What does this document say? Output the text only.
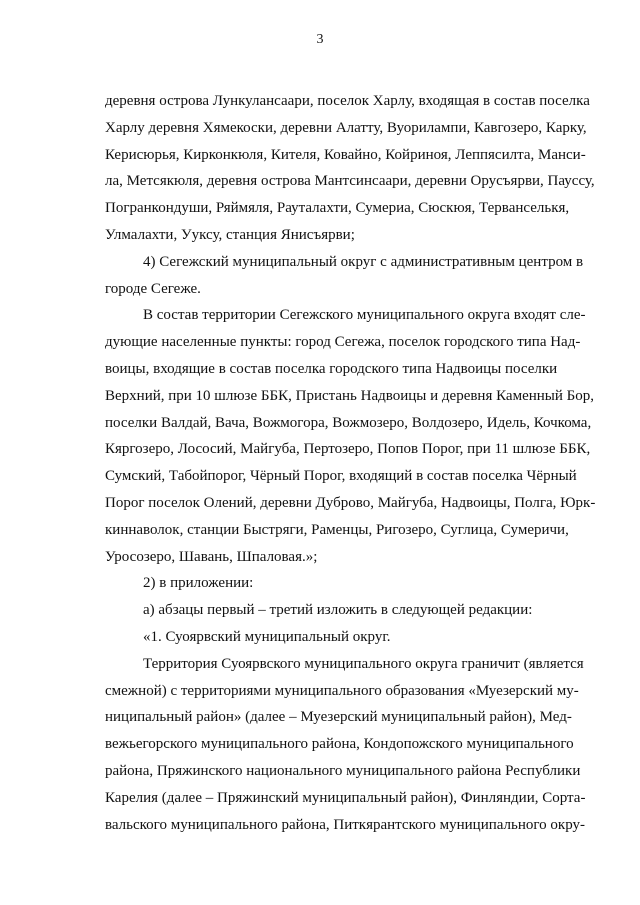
3
деревня острова Лункулансаари, поселок Харлу, входящая в состав поселка
Харлу деревня Хямекоски, деревни Алатту, Вуорилампи, Кавгозеро, Карку,
Керисюрья, Кирконкюля, Кителя, Ковайно, Койриноя, Леппясилта, Манси-
ла, Метсякюля, деревня острова Мантсинсаари, деревни Орусъярви, Пауссу,
Погранкондуши, Ряймяля, Рауталахти, Сумериа, Сюскюя, Терванселькя,
Улмалахти, Ууксу, станция Янисъярви;
4) Сегежский муниципальный округ с административным центром в
городе Сегеже.
В состав территории Сегежского муниципального округа входят сле-
дующие населенные пункты: город Сегежа, поселок городского типа Над-
воицы, входящие в состав поселка городского типа Надвоицы поселки
Верхний, при 10 шлюзе ББК, Пристань Надвоицы и деревня Каменный Бор,
поселки Валдай, Вача, Вожмогора, Вожмозеро, Волдозеро, Идель, Кочкома,
Кяргозеро, Лососий, Майгуба, Пертозеро, Попов Порог, при 11 шлюзе ББК,
Сумский, Табойпорог, Чёрный Порог, входящий в состав поселка Чёрный
Порог поселок Олений, деревни Дуброво, Майгуба, Надвоицы, Полга, Юрк-
киннаволок, станции Быстряги, Раменцы, Ригозеро, Суглица, Сумеричи,
Уросозеро, Шавань, Шпаловая.»;
2) в приложении:
а) абзацы первый – третий изложить в следующей редакции:
«1. Суоярвский муниципальный округ.
Территория Суоярвского муниципального округа граничит (является
смежной) с территориями муниципального образования «Муезерский му-
ниципальный район» (далее – Муезерский муниципальный район), Мед-
вежьегорского муниципального района, Кондопожского муниципального
района, Пряжинского национального муниципального района Республики
Карелия (далее – Пряжинский муниципальный район), Финляндии, Сорта-
вальского муниципального района, Питкярантского муниципального окру-
